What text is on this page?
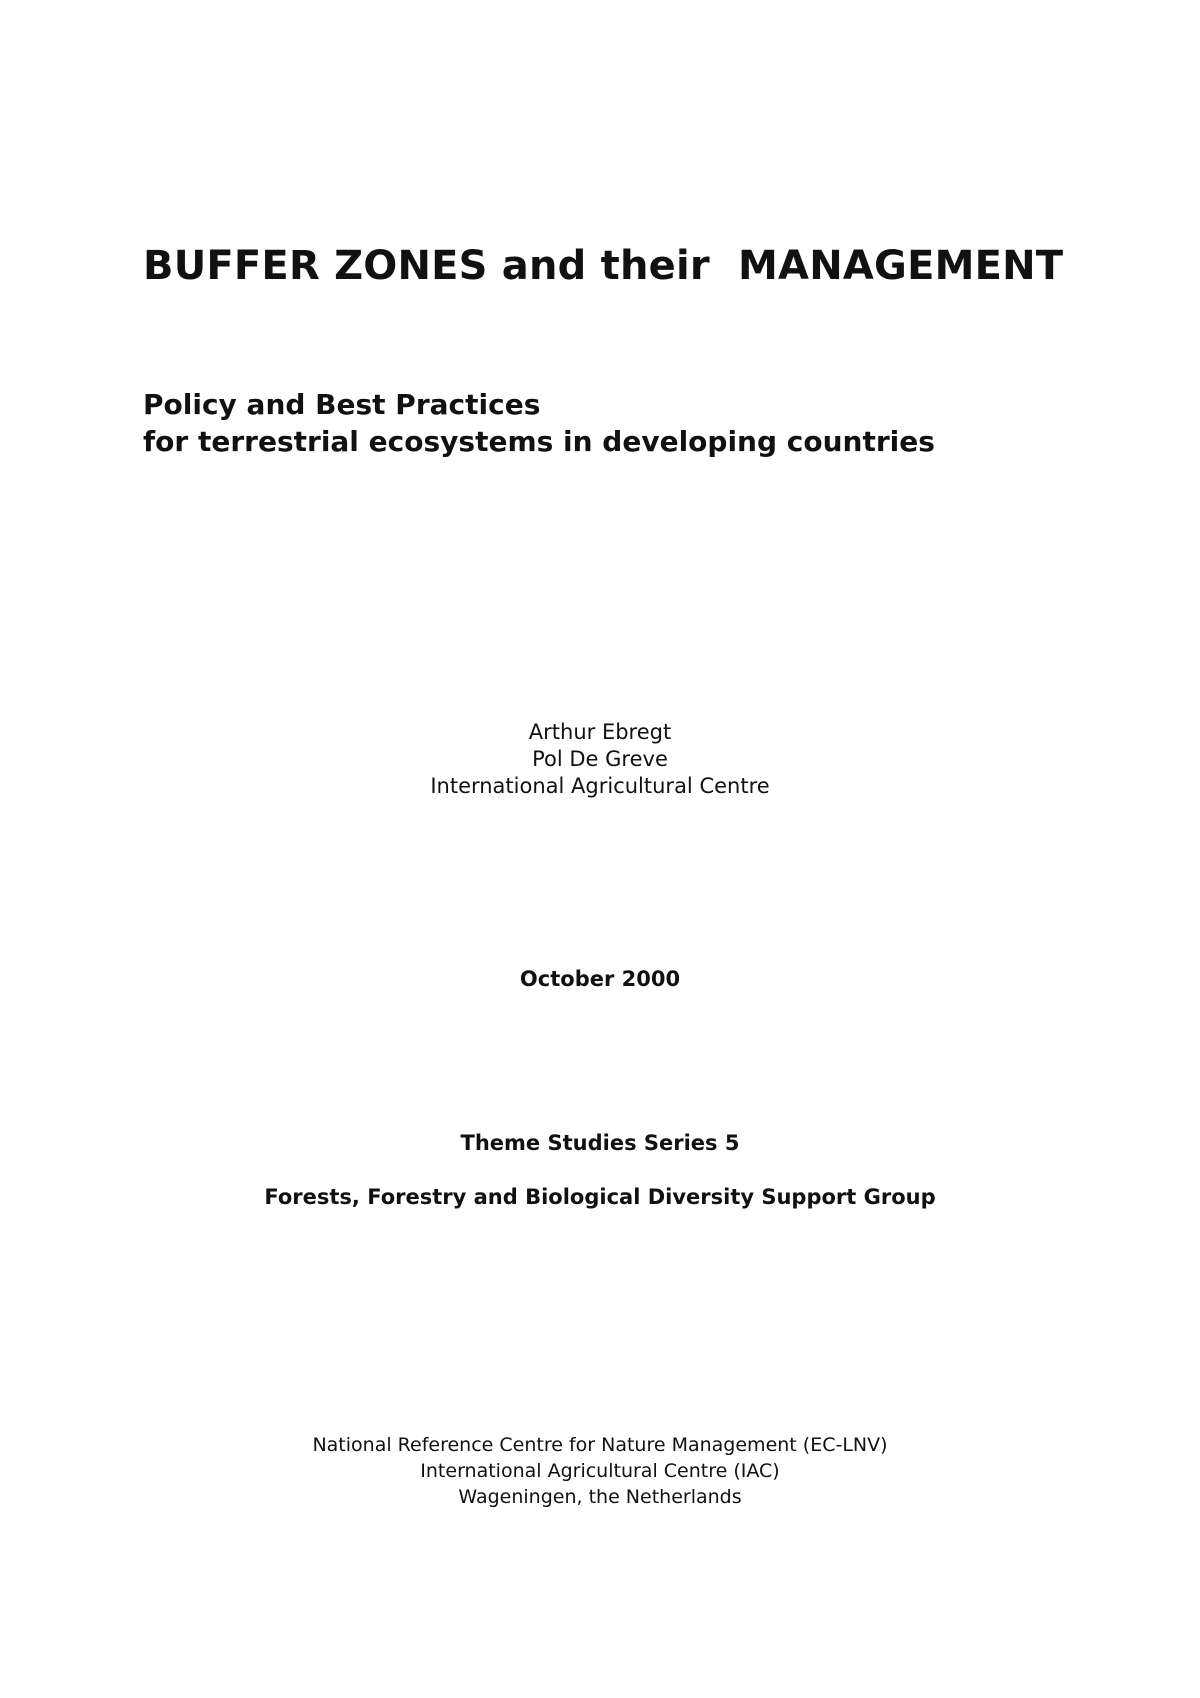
BUFFER ZONES and their  MANAGEMENT
Policy and Best Practices
for terrestrial ecosystems in developing countries
Arthur Ebregt
Pol De Greve
International Agricultural Centre
October 2000
Theme Studies Series 5
Forests, Forestry and Biological Diversity Support Group
National Reference Centre for Nature Management (EC-LNV)
International Agricultural Centre (IAC)
Wageningen, the Netherlands
